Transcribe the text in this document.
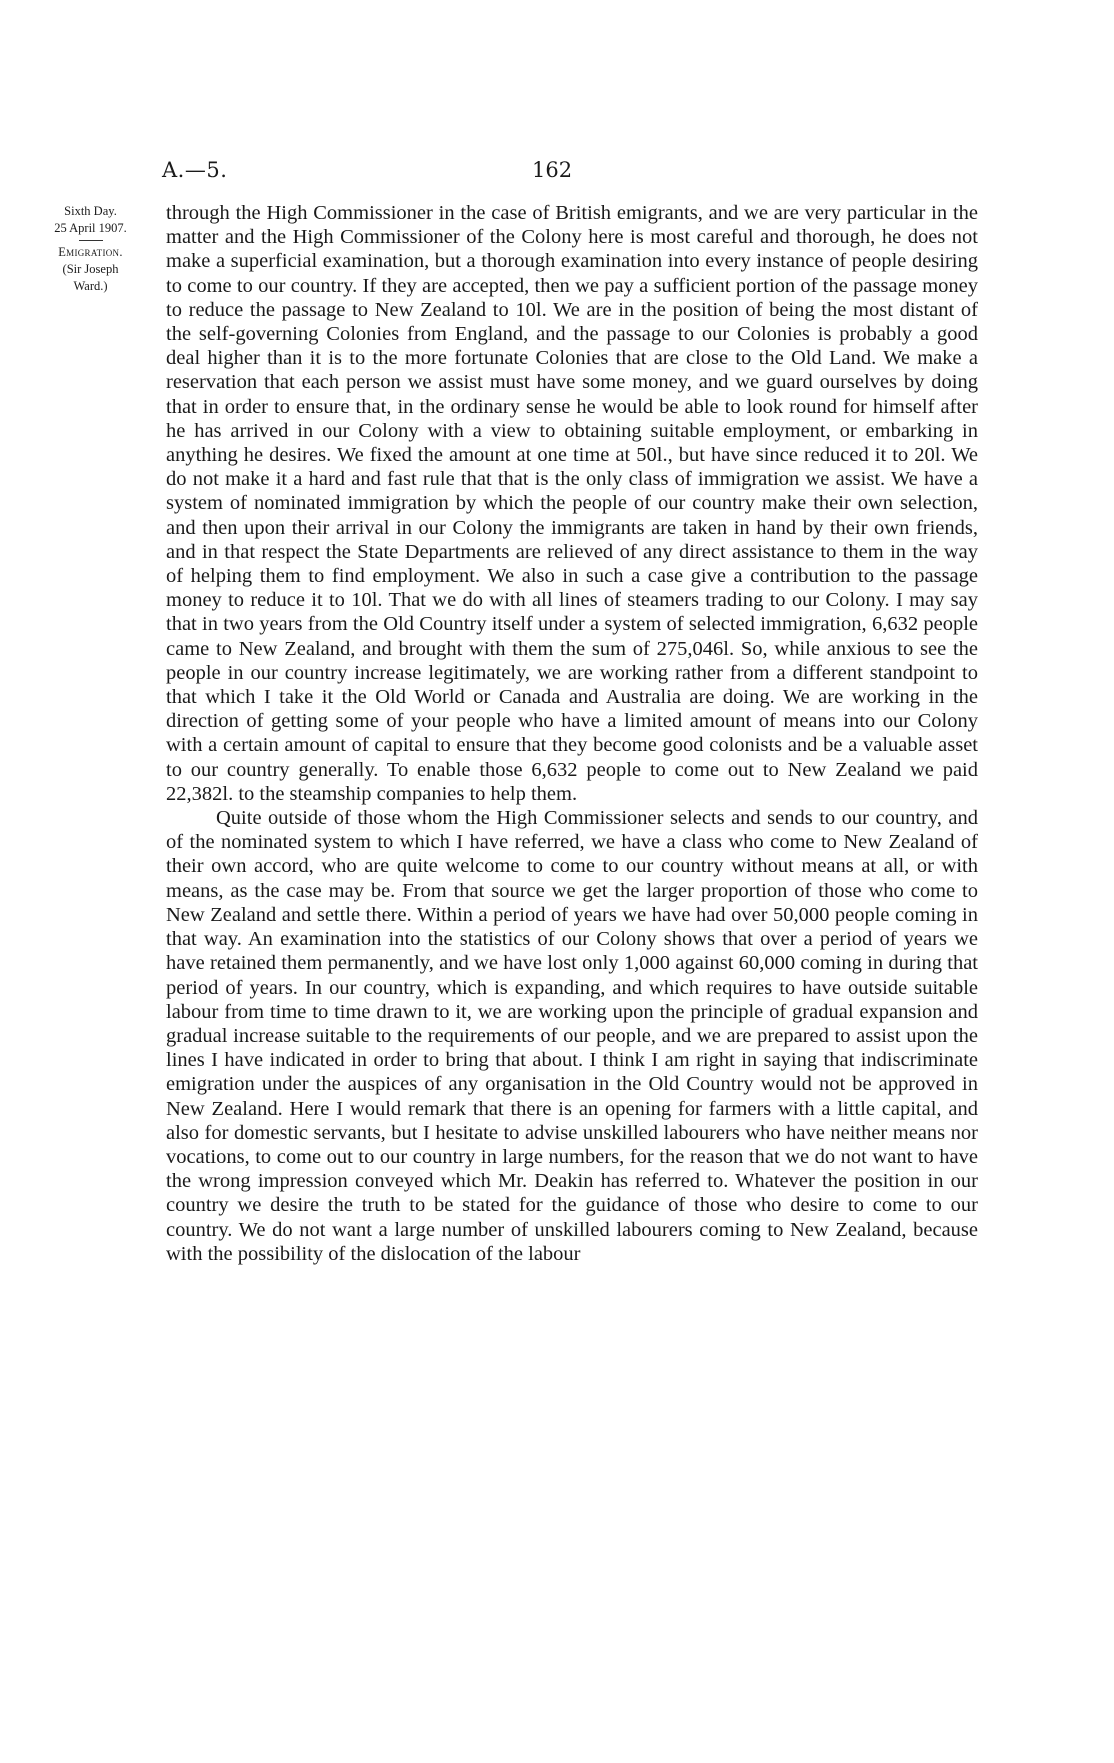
A.—5.	162
Sixth Day.
25 April 1907.
Emigration.
(Sir Joseph
Ward.)

through the High Commissioner in the case of British emigrants, and we are very particular in the matter and the High Commissioner of the Colony here is most careful and thorough, he does not make a superficial examination, but a thorough examination into every instance of people desiring to come to our country. If they are accepted, then we pay a sufficient portion of the passage money to reduce the passage to New Zealand to 10l. We are in the position of being the most distant of the self-governing Colonies from England, and the passage to our Colonies is probably a good deal higher than it is to the more fortunate Colonies that are close to the Old Land. We make a reservation that each person we assist must have some money, and we guard ourselves by doing that in order to ensure that, in the ordinary sense he would be able to look round for himself after he has arrived in our Colony with a view to obtaining suitable employment, or embarking in anything he desires. We fixed the amount at one time at 50l., but have since reduced it to 20l. We do not make it a hard and fast rule that that is the only class of immigration we assist. We have a system of nominated immigration by which the people of our country make their own selection, and then upon their arrival in our Colony the immigrants are taken in hand by their own friends, and in that respect the State Departments are relieved of any direct assistance to them in the way of helping them to find employment. We also in such a case give a contribution to the passage money to reduce it to 10l. That we do with all lines of steamers trading to our Colony. I may say that in two years from the Old Country itself under a system of selected immigration, 6,632 people came to New Zealand, and brought with them the sum of 275,046l. So, while anxious to see the people in our country increase legitimately, we are working rather from a different standpoint to that which I take it the Old World or Canada and Australia are doing. We are working in the direction of getting some of your people who have a limited amount of means into our Colony with a certain amount of capital to ensure that they become good colonists and be a valuable asset to our country generally. To enable those 6,632 people to come out to New Zealand we paid 22,382l. to the steamship companies to help them.

Quite outside of those whom the High Commissioner selects and sends to our country, and of the nominated system to which I have referred, we have a class who come to New Zealand of their own accord, who are quite welcome to come to our country without means at all, or with means, as the case may be. From that source we get the larger proportion of those who come to New Zealand and settle there. Within a period of years we have had over 50,000 people coming in that way. An examination into the statistics of our Colony shows that over a period of years we have retained them permanently, and we have lost only 1,000 against 60,000 coming in during that period of years. In our country, which is expanding, and which requires to have outside suitable labour from time to time drawn to it, we are working upon the principle of gradual expansion and gradual increase suitable to the requirements of our people, and we are prepared to assist upon the lines I have indicated in order to bring that about. I think I am right in saying that indiscriminate emigration under the auspices of any organisation in the Old Country would not be approved in New Zealand. Here I would remark that there is an opening for farmers with a little capital, and also for domestic servants, but I hesitate to advise unskilled labourers who have neither means nor vocations, to come out to our country in large numbers, for the reason that we do not want to have the wrong impression conveyed which Mr. Deakin has referred to. Whatever the position in our country we desire the truth to be stated for the guidance of those who desire to come to our country. We do not want a large number of unskilled labourers coming to New Zealand, because with the possibility of the dislocation of the labour
